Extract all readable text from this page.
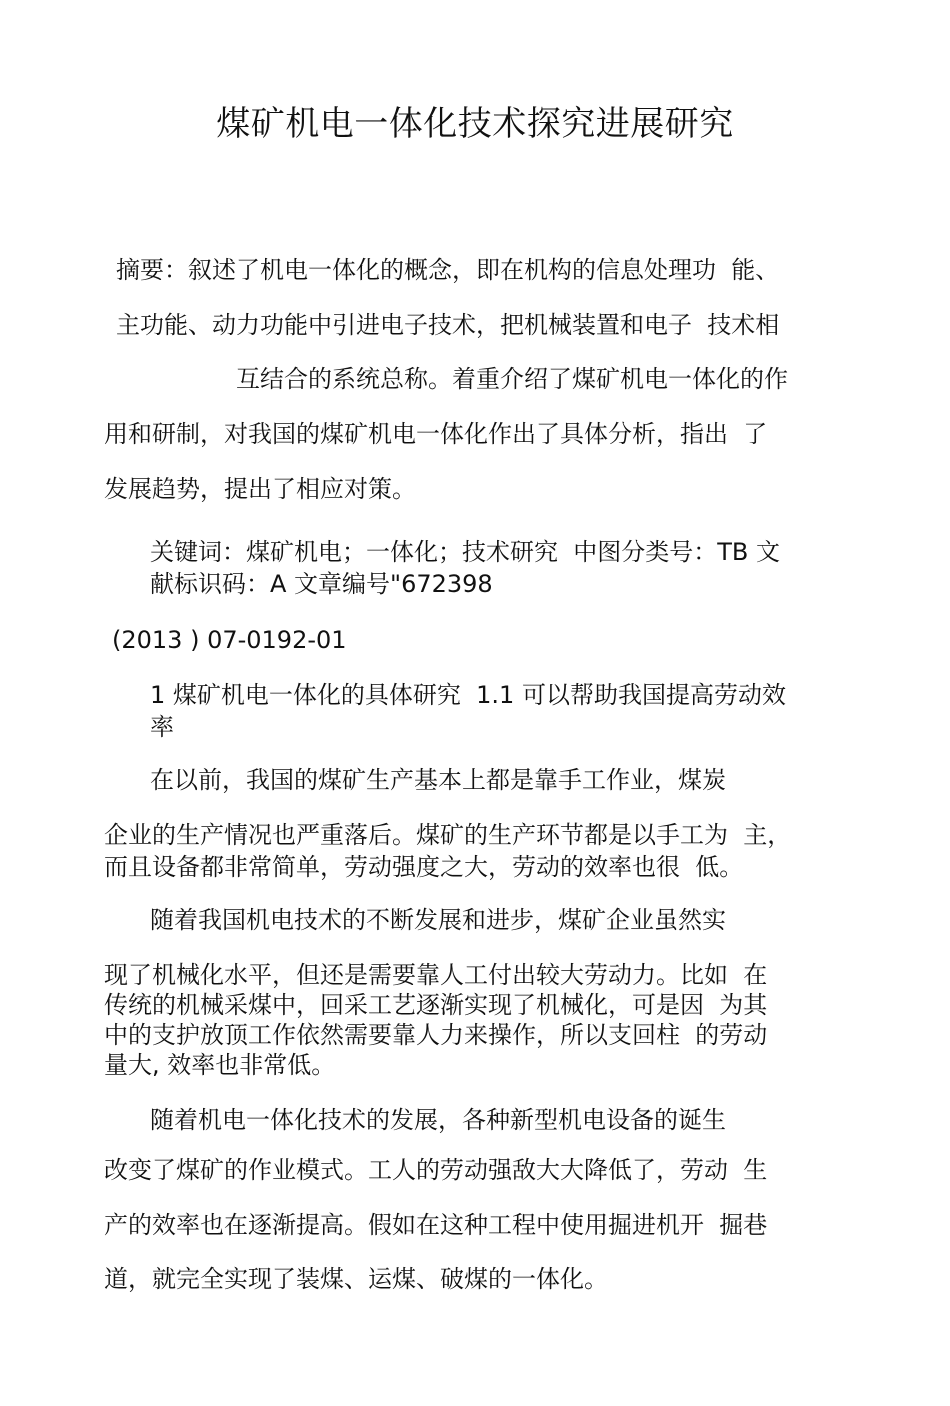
煤矿机电一体化技术探究进展研究
摘要：叙述了机电一体化的概念，即在机构的信息处理功  能、
主功能、动力功能中引进电子技术，把机械装置和电子  技术相
互结合的系统总称。着重介绍了煤矿机电一体化的作
用和研制，对我国的煤矿机电一体化作出了具体分析，指出  了
发展趋势，提出了相应对策。
关键词：煤矿机电；一体化；技术研究  中图分类号：TB 文
献标识码：A 文章编号"672398
(2013 ) 07-0192-01
1 煤矿机电一体化的具体研究  1.1 可以帮助我国提高劳动效
率
在以前，我国的煤矿生产基本上都是靠手工作业，煤炭
企业的生产情况也严重落后。煤矿的生产环节都是以手工为  主，
而且设备都非常简单，劳动强度之大，劳动的效率也很  低。
随着我国机电技术的不断发展和进步，煤矿企业虽然实
现了机械化水平，但还是需要靠人工付出较大劳动力。比如  在
传统的机械采煤中，回采工艺逐渐实现了机械化，可是因  为其
中的支护放顶工作依然需要靠人力来操作，所以支回柱  的劳动
量大, 效率也非常低。
随着机电一体化技术的发展，各种新型机电设备的诞生
改变了煤矿的作业模式。工人的劳动强敌大大降低了，劳动  生
产的效率也在逐渐提高。假如在这种工程中使用掘进机开  掘巷
道，就完全实现了装煤、运煤、破煤的一体化。
